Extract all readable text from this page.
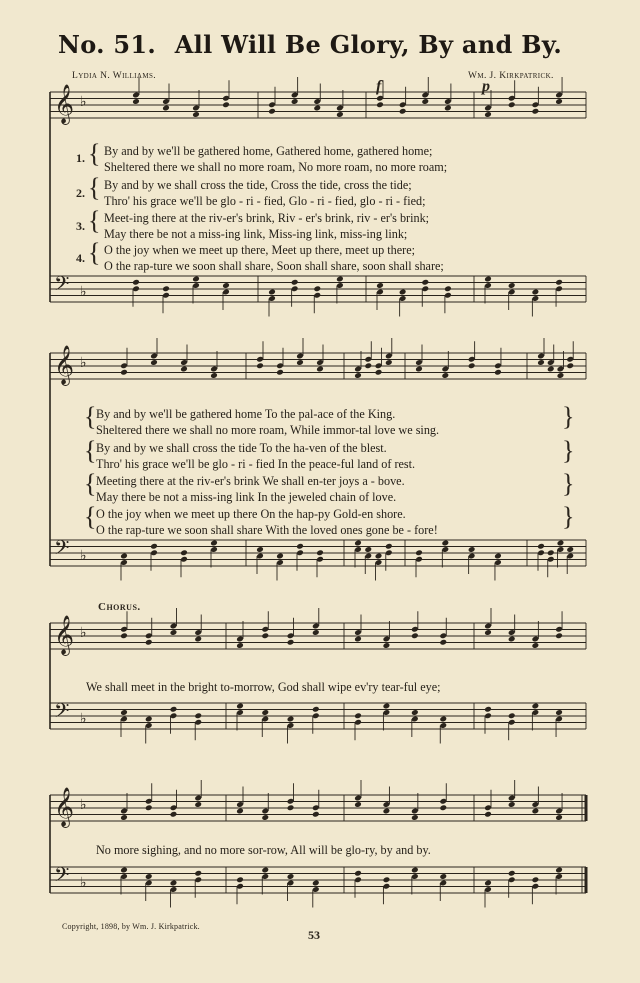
No. 51. All Will Be Glory, By and By.
Lydia N. Williams.	Wm. J. Kirkpatrick.
f	p
𝄞 ♭
𝄢 ♭
𝄞 ♭
𝄢 ♭
𝄞 ♭
𝄢 ♭
𝄞 ♭
𝄢 ♭
1. { By and by we'll be gathered home, Gathered home, gathered home;
Sheltered there we shall no more roam, No more roam, no more roam;
2. { By and by we shall cross the tide, Cross the tide, cross the tide;
Thro' his grace we'll be glo - ri - fied, Glo - ri - fied, glo - ri - fied;
3. { Meet-ing there at the riv-er's brink, Riv - er's brink, riv - er's brink;
May there be not a miss-ing link, Miss-ing link, miss-ing link;
4. { O the joy when we meet up there, Meet up there, meet up there;
O the rap-ture we soon shall share, Soon shall share, soon shall share;
{ By and by we'll be gathered home To the pal-ace of the King.
Sheltered there we shall no more roam, While immor-tal love we sing.	}
{ By and by we shall cross the tide To the ha-ven of the blest.
Thro' his grace we'll be glo - ri - fied In the peace-ful land of rest.	}
{ Meeting there at the riv-er's brink We shall en-ter joys a - bove.
May there be not a miss-ing link In the jeweled chain of love.	}
{ O the joy when we meet up there On the hap-py Gold-en shore.
O the rap-ture we soon shall share With the loved ones gone be - fore!	}
Chorus.
We shall meet in the bright to-morrow, God shall wipe ev'ry tear-ful eye;
No more sighing, and no more sor-row, All will be glo-ry, by and by.
Copyright, 1898, by Wm. J. Kirkpatrick.
53
